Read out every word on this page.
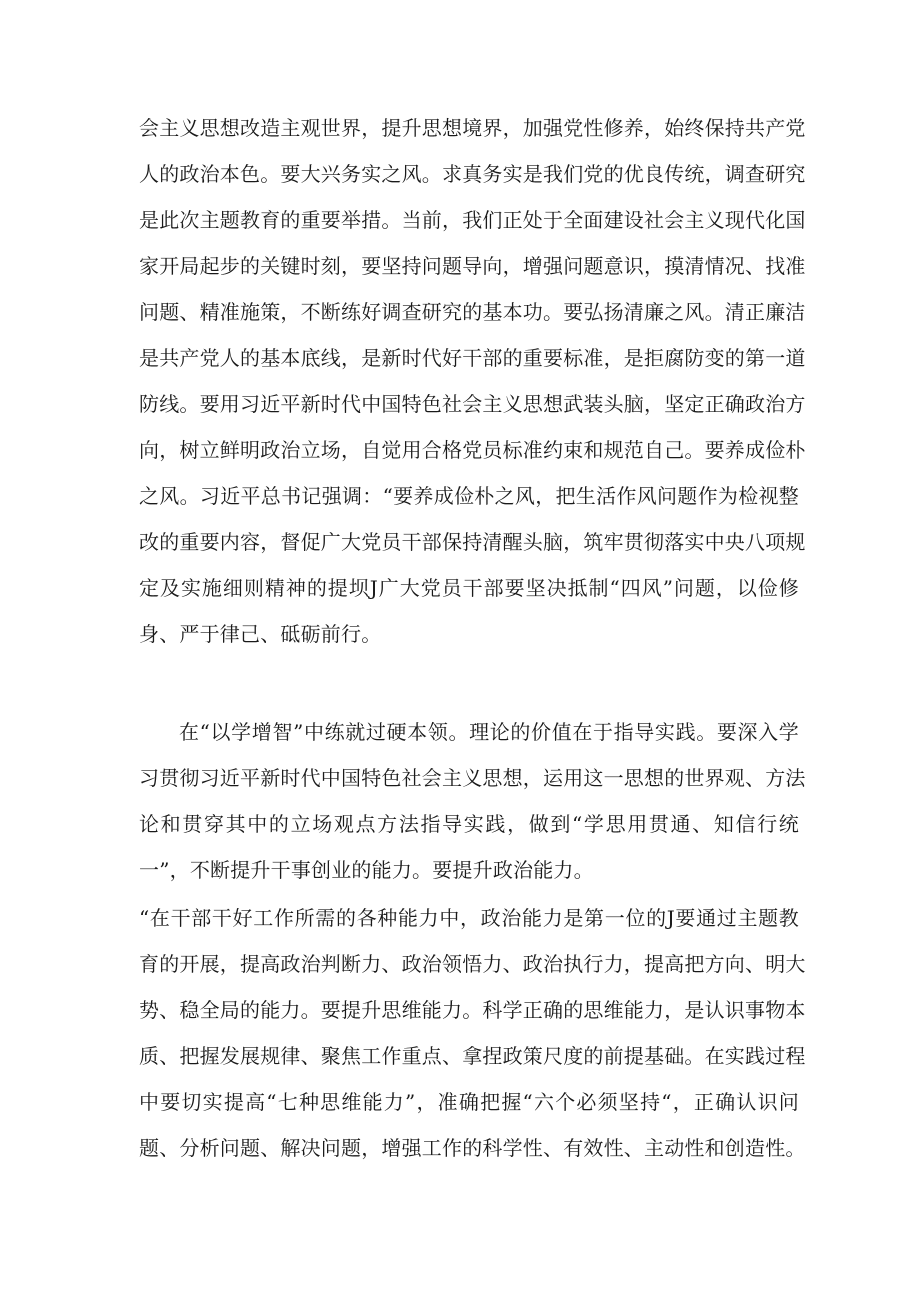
会主义思想改造主观世界，提升思想境界，加强党性修养，始终保持共产党
人的政治本色。要大兴务实之风。求真务实是我们党的优良传统，调查研究
是此次主题教育的重要举措。当前，我们正处于全面建设社会主义现代化国
家开局起步的关键时刻，要坚持问题导向，增强问题意识，摸清情况、找准
问题、精准施策，不断练好调查研究的基本功。要弘扬清廉之风。清正廉洁
是共产党人的基本底线，是新时代好干部的重要标准，是拒腐防变的第一道
防线。要用习近平新时代中国特色社会主义思想武装头脑，坚定正确政治方
向，树立鲜明政治立场，自觉用合格党员标准约束和规范自己。要养成俭朴
之风。习近平总书记强调：“要养成俭朴之风，把生活作风问题作为检视整
改的重要内容，督促广大党员干部保持清醒头脑，筑牢贯彻落实中央八项规
定及实施细则精神的提坝J广大党员干部要坚决抵制“四风”问题，以俭修
身、严于律己、砥砺前行。
在“以学增智”中练就过硬本领。理论的价值在于指导实践。要深入学
习贯彻习近平新时代中国特色社会主义思想，运用这一思想的世界观、方法
论和贯穿其中的立场观点方法指导实践，做到“学思用贯通、知信行统
一”，不断提升干事创业的能力。要提升政治能力。
“在干部干好工作所需的各种能力中，政治能力是第一位的J要通过主题教
育的开展，提高政治判断力、政治领悟力、政治执行力，提高把方向、明大
势、稳全局的能力。要提升思维能力。科学正确的思维能力，是认识事物本
质、把握发展规律、聚焦工作重点、拿捏政策尺度的前提基础。在实践过程
中要切实提高“七种思维能力”，准确把握“六个必须坚持“，正确认识问
题、分析问题、解决问题，增强工作的科学性、有效性、主动性和创造性。
